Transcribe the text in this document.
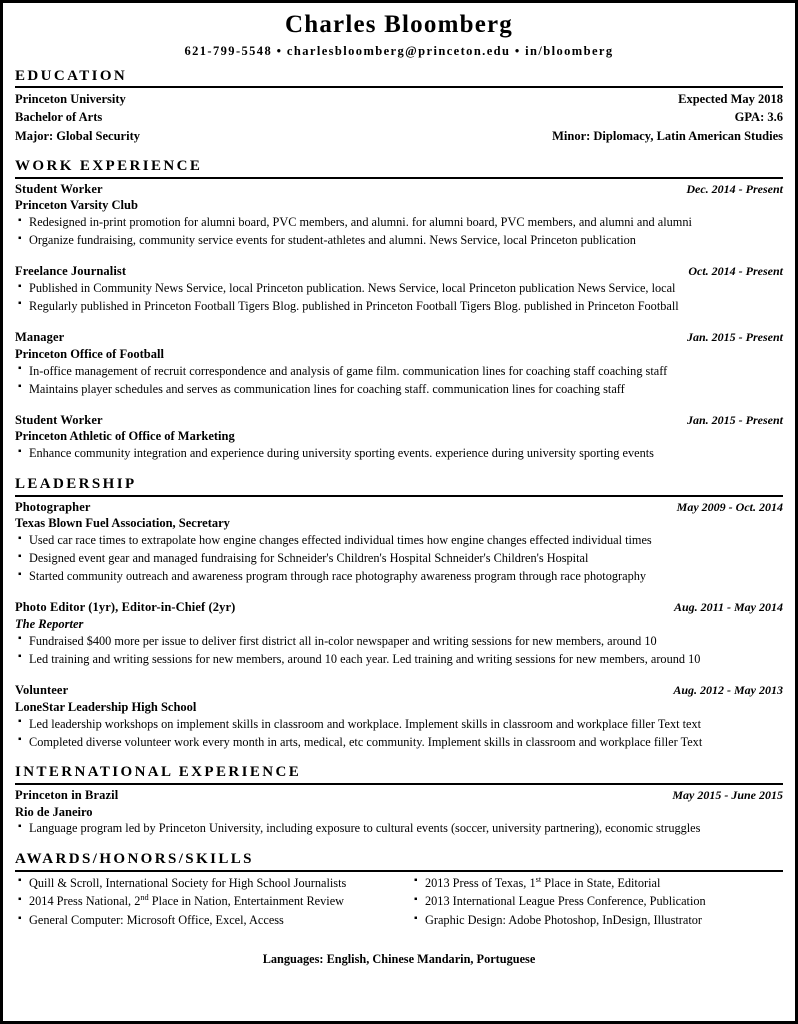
Charles Bloomberg
621-799-5548 • charlesbloomberg@princeton.edu • in/bloomberg
EDUCATION
Princeton University	Expected May 2018
Bachelor of Arts	GPA: 3.6
Major: Global Security	Minor: Diplomacy, Latin American Studies
WORK EXPERIENCE
Student Worker	Dec. 2014 - Present
Princeton Varsity Club
▪ Redesigned in-print promotion for alumni board, PVC members, and alumni. for alumni board, PVC members, and alumni and alumni
▪ Organize fundraising, community service events for student-athletes and alumni. News Service, local Princeton publication
Freelance Journalist	Oct. 2014 - Present
▪ Published in Community News Service, local Princeton publication. News Service, local Princeton publication News Service, local
▪ Regularly published in Princeton Football Tigers Blog. published in Princeton Football Tigers Blog. published in Princeton Football
Manager	Jan. 2015 - Present
Princeton Office of Football
▪ In-office management of recruit correspondence and analysis of game film. communication lines for coaching staff coaching staff
▪ Maintains player schedules and serves as communication lines for coaching staff. communication lines for coaching staff
Student Worker	Jan. 2015 - Present
Princeton Athletic of Office of Marketing
▪ Enhance community integration and experience during university sporting events. experience during university sporting events
LEADERSHIP
Photographer	May 2009 - Oct. 2014
Texas Blown Fuel Association, Secretary
▪ Used car race times to extrapolate how engine changes effected individual times how engine changes effected individual times
▪ Designed event gear and managed fundraising for Schneider's Children's Hospital Schneider's Children's Hospital
▪ Started community outreach and awareness program through race photography awareness program through race photography
Photo Editor (1yr), Editor-in-Chief (2yr)	Aug. 2011 - May 2014
The Reporter
▪ Fundraised $400 more per issue to deliver first district all in-color newspaper and writing sessions for new members, around 10
▪ Led training and writing sessions for new members, around 10 each year. Led training and writing sessions for new members, around 10
Volunteer	Aug. 2012 - May 2013
LoneStar Leadership High School
▪ Led leadership workshops on implement skills in classroom and workplace. Implement skills in classroom and workplace filler Text text
▪ Completed diverse volunteer work every month in arts, medical, etc community. Implement skills in classroom and workplace filler Text
INTERNATIONAL EXPERIENCE
Princeton in Brazil	May 2015 - June 2015
Rio de Janeiro
▪ Language program led by Princeton University, including exposure to cultural events (soccer, university partnering), economic struggles
AWARDS/HONORS/SKILLS
▪ Quill & Scroll, International Society for High School Journalists
▪ 2014 Press National, 2nd Place in Nation, Entertainment Review
▪ General Computer: Microsoft Office, Excel, Access
▪ 2013 Press of Texas, 1st Place in State, Editorial
▪ 2013 International League Press Conference, Publication
▪ Graphic Design: Adobe Photoshop, InDesign, Illustrator
Languages: English, Chinese Mandarin, Portuguese
